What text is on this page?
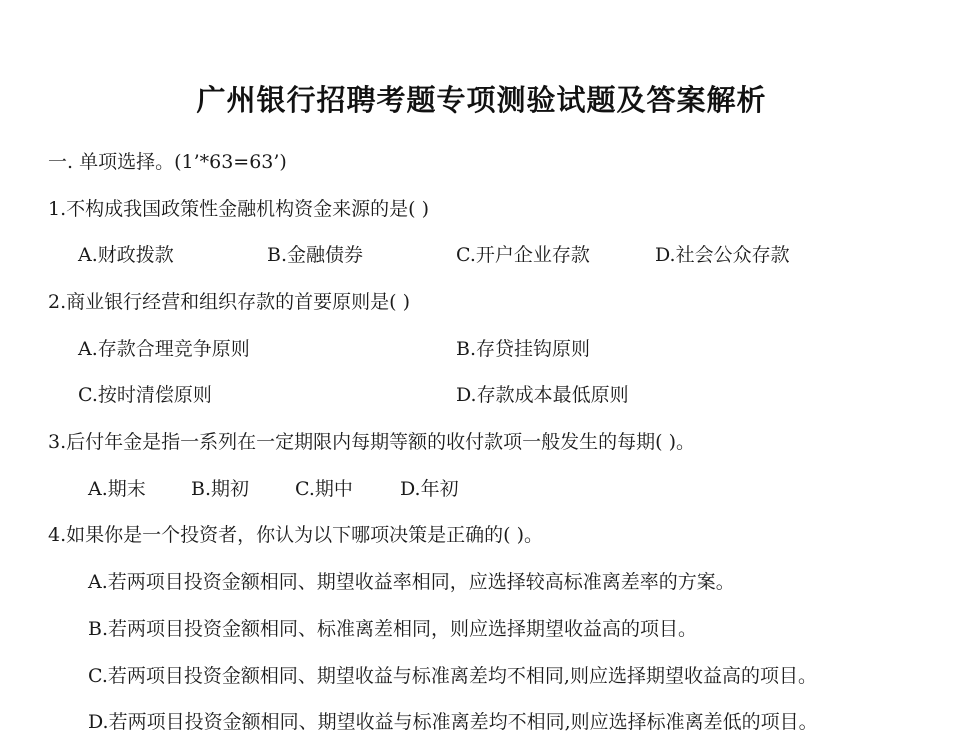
广州银行招聘考题专项测验试题及答案解析
一. 单项选择。(1’*63=63’)
1.不构成我国政策性金融机构资金来源的是( )
A.财政拨款	B.金融债券	C.开户企业存款	D.社会公众存款
2.商业银行经营和组织存款的首要原则是( )
A.存款合理竞争原则	B.存贷挂钩原则
C.按时清偿原则	D.存款成本最低原则
3.后付年金是指一系列在一定期限内每期等额的收付款项一般发生的每期( )。
A.期末 B.期初 C.期中 D.年初
4.如果你是一个投资者，你认为以下哪项决策是正确的( )。
A.若两项目投资金额相同、期望收益率相同，应选择较高标准离差率的方案。
B.若两项目投资金额相同、标准离差相同，则应选择期望收益高的项目。
C.若两项目投资金额相同、期望收益与标准离差均不相同,则应选择期望收益高的项目。
D.若两项目投资金额相同、期望收益与标准离差均不相同,则应选择标准离差低的项目。
